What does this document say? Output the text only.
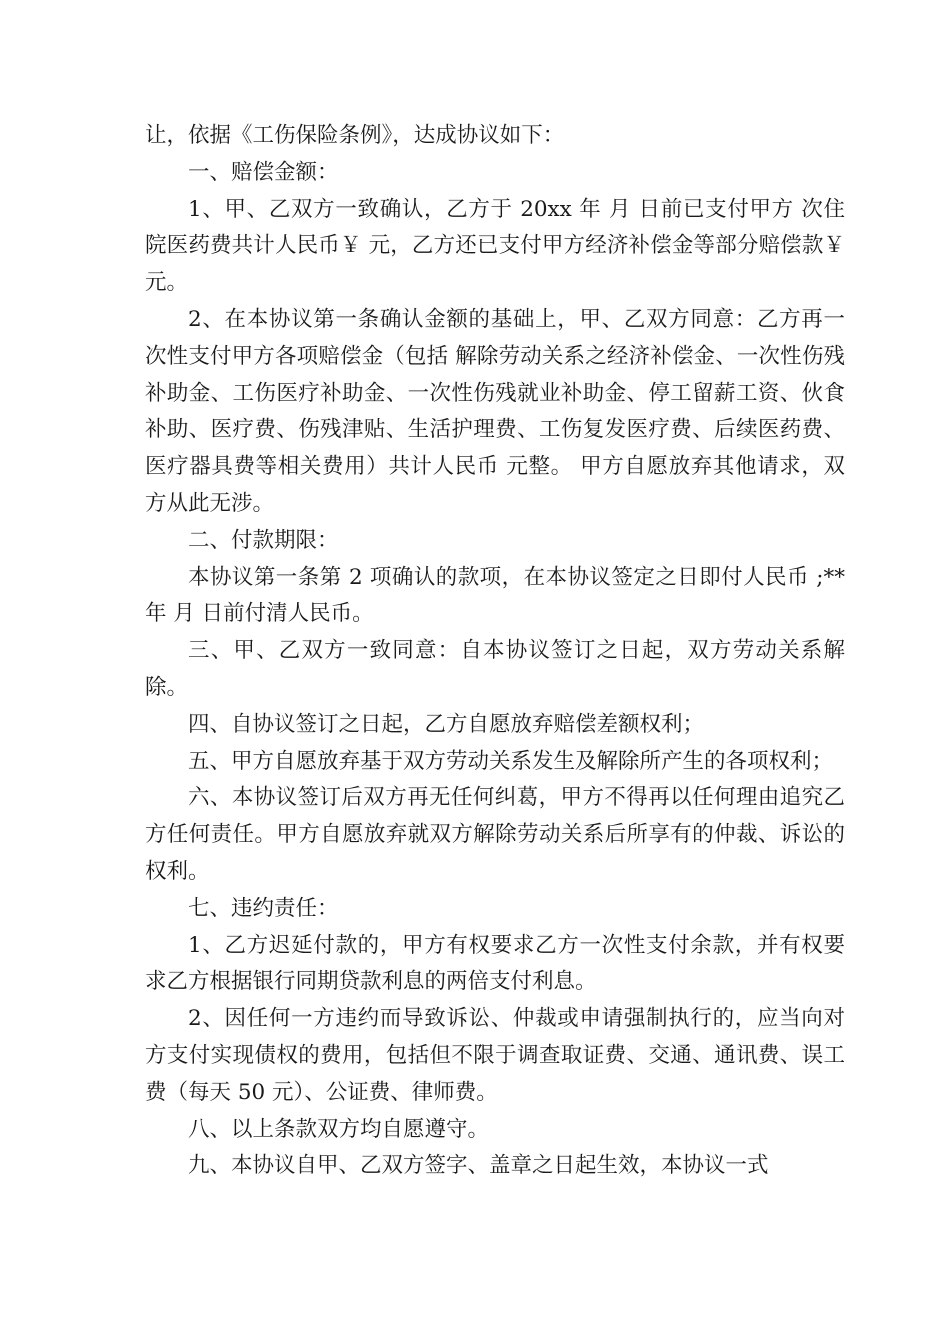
让，依据《工伤保险条例》，达成协议如下：

一、赔偿金额：

1、甲、乙双方一致确认，乙方于 20xx 年 月 日前已支付甲方 次住院医药费共计人民币￥ 元，乙方还已支付甲方经济补偿金等部分赔偿款￥ 元。

2、在本协议第一条确认金额的基础上，甲、乙双方同意：乙方再一次性支付甲方各项赔偿金（包括 解除劳动关系之经济补偿金、一次性伤残补助金、工伤医疗补助金、一次性伤残就业补助金、停工留薪工资、伙食补助、医疗费、伤残津贴、生活护理费、工伤复发医疗费、后续医药费、医疗器具费等相关费用）共计人民币 元整。 甲方自愿放弃其他请求，双方从此无涉。

二、付款期限：

本协议第一条第 2 项确认的款项，在本协议签定之日即付人民币 ;**年 月 日前付清人民币。

三、甲、乙双方一致同意：自本协议签订之日起，双方劳动关系解除。

四、自协议签订之日起，乙方自愿放弃赔偿差额权利；

五、甲方自愿放弃基于双方劳动关系发生及解除所产生的各项权利；

六、本协议签订后双方再无任何纠葛，甲方不得再以任何理由追究乙方任何责任。甲方自愿放弃就双方解除劳动关系后所享有的仲裁、诉讼的权利。

七、违约责任：

1、乙方迟延付款的，甲方有权要求乙方一次性支付余款，并有权要求乙方根据银行同期贷款利息的两倍支付利息。

2、因任何一方违约而导致诉讼、仲裁或申请强制执行的，应当向对方支付实现债权的费用，包括但不限于调查取证费、交通、通讯费、误工费（每天 50 元）、公证费、律师费。

八、以上条款双方均自愿遵守。

九、本协议自甲、乙双方签字、盖章之日起生效，本协议一式
